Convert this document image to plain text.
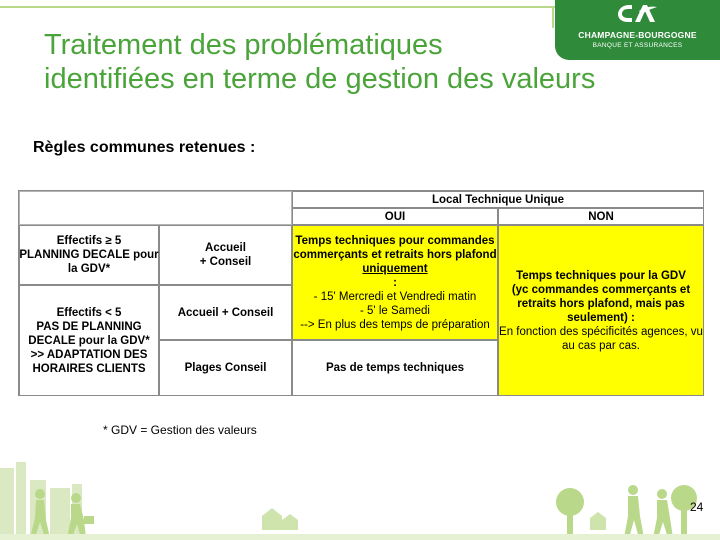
CHAMPAGNE-BOURGOGNE
BANQUE ET ASSURANCES
Traitement des problématiques
identifiées en terme de gestion des valeurs
Règles communes retenues :
Local Technique Unique
OUI	NON
Effectifs ≥ 5
PLANNING DECALE pour
la GDV*
Accueil
+ Conseil
Temps techniques pour commandes
commerçants et retraits hors plafond
uniquement
:
- 15' Mercredi et Vendredi matin
- 5' le Samedi
--> En plus des temps de préparation
Temps techniques pour la GDV
(yc commandes commerçants et
retraits hors plafond, mais pas
seulement) :
En fonction des spécificités agences, vu
au cas par cas.
Effectifs < 5
PAS DE PLANNING
DECALE pour la GDV*
>> ADAPTATION DES
HORAIRES CLIENTS
Accueil + Conseil
Plages Conseil	Pas de temps techniques
* GDV = Gestion des valeurs
24
